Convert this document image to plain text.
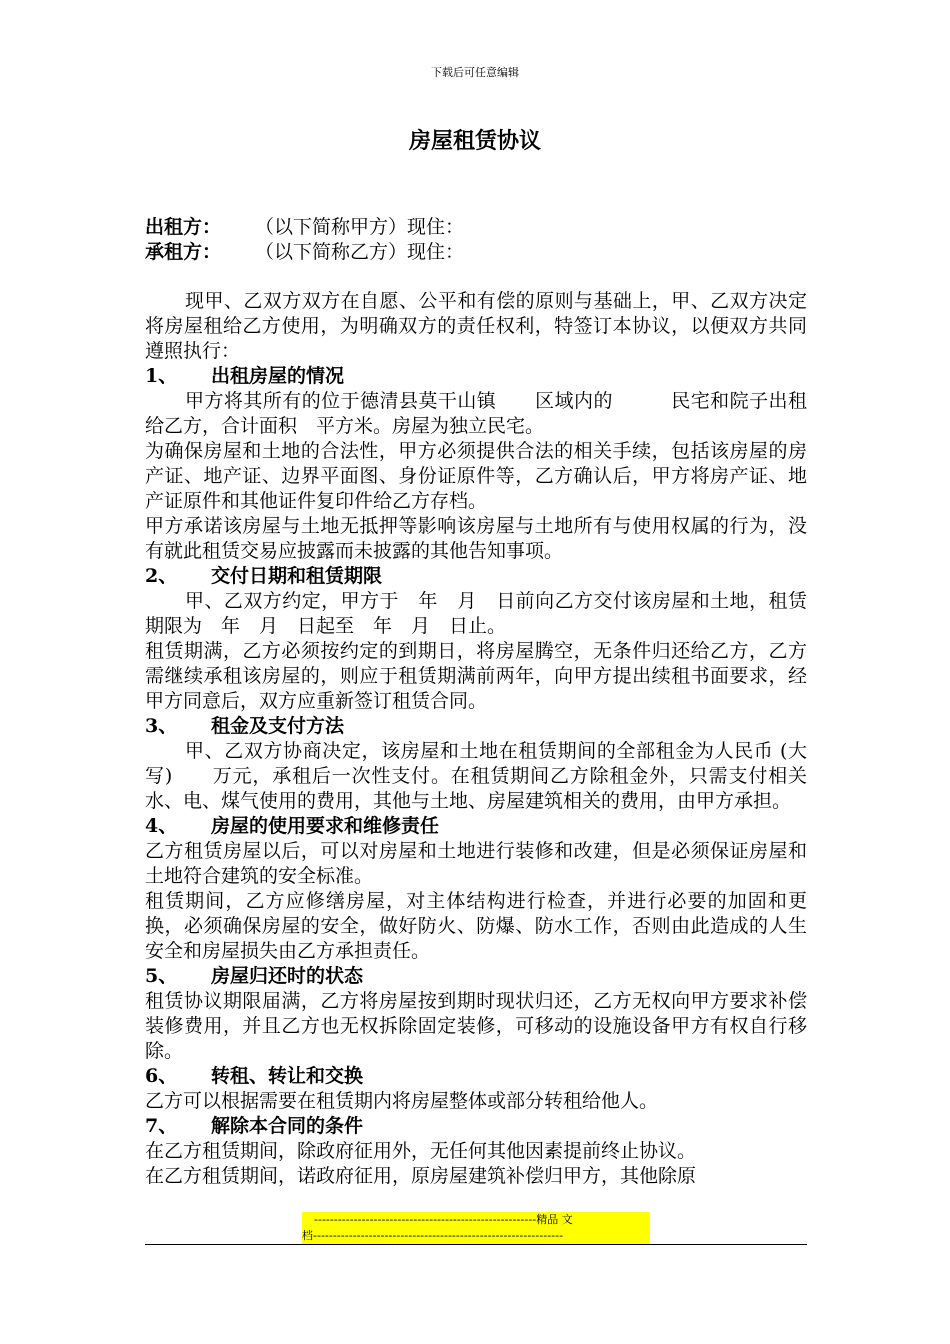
下载后可任意编辑
房屋租赁协议
出租方： （以下简称甲方）现住：
承租方： （以下简称乙方）现住：

现甲、乙双方双方在自愿、公平和有偿的原则与基础上，甲、乙双方决定将房屋租给乙方使用，为明确双方的责任权利，特签订本协议，以便双方共同遵照执行：

1、 出租房屋的情况

甲方将其所有的位于德清县莫干山镇　　区域内的　　　民宅和院子出租给乙方，合计面积　平方米。房屋为独立民宅。

为确保房屋和土地的合法性，甲方必须提供合法的相关手续，包括该房屋的房产证、地产证、边界平面图、身份证原件等，乙方确认后，甲方将房产证、地产证原件和其他证件复印件给乙方存档。

甲方承诺该房屋与土地无抵押等影响该房屋与土地所有与使用权属的行为，没有就此租赁交易应披露而未披露的其他告知事项。

2、 交付日期和租赁期限

甲、乙双方约定，甲方于　年　月　日前向乙方交付该房屋和土地，租赁期限为　年　月　日起至　年　月　日止。

租赁期满，乙方必须按约定的到期日，将房屋腾空，无条件归还给乙方，乙方需继续承租该房屋的，则应于租赁期满前两年，向甲方提出续租书面要求，经甲方同意后，双方应重新签订租赁合同。

3、 租金及支付方法

甲、乙双方协商决定，该房屋和土地在租赁期间的全部租金为人民币 (大写)　　万元，承租后一次性支付。在租赁期间乙方除租金外，只需支付相关水、电、煤气使用的费用，其他与土地、房屋建筑相关的费用，由甲方承担。

4、 房屋的使用要求和维修责任

乙方租赁房屋以后，可以对房屋和土地进行装修和改建，但是必须保证房屋和土地符合建筑的安全标准。

租赁期间，乙方应修缮房屋，对主体结构进行检查，并进行必要的加固和更换，必须确保房屋的安全，做好防火、防爆、防水工作，否则由此造成的人生安全和房屋损失由乙方承担责任。

5、 房屋归还时的状态

租赁协议期限届满，乙方将房屋按到期时现状归还，乙方无权向甲方要求补偿装修费用，并且乙方也无权拆除固定装修，可移动的设施设备甲方有权自行移除。

6、 转租、转让和交换

乙方可以根据需要在租赁期内将房屋整体或部分转租给他人。

7、 解除本合同的条件

在乙方租赁期间，除政府征用外，无任何其他因素提前终止协议。

在乙方租赁期间，诺政府征用，原房屋建筑补偿归甲方，其他除原

--------------------------------------------------------精品 文
档---------------------------------------------------------------
